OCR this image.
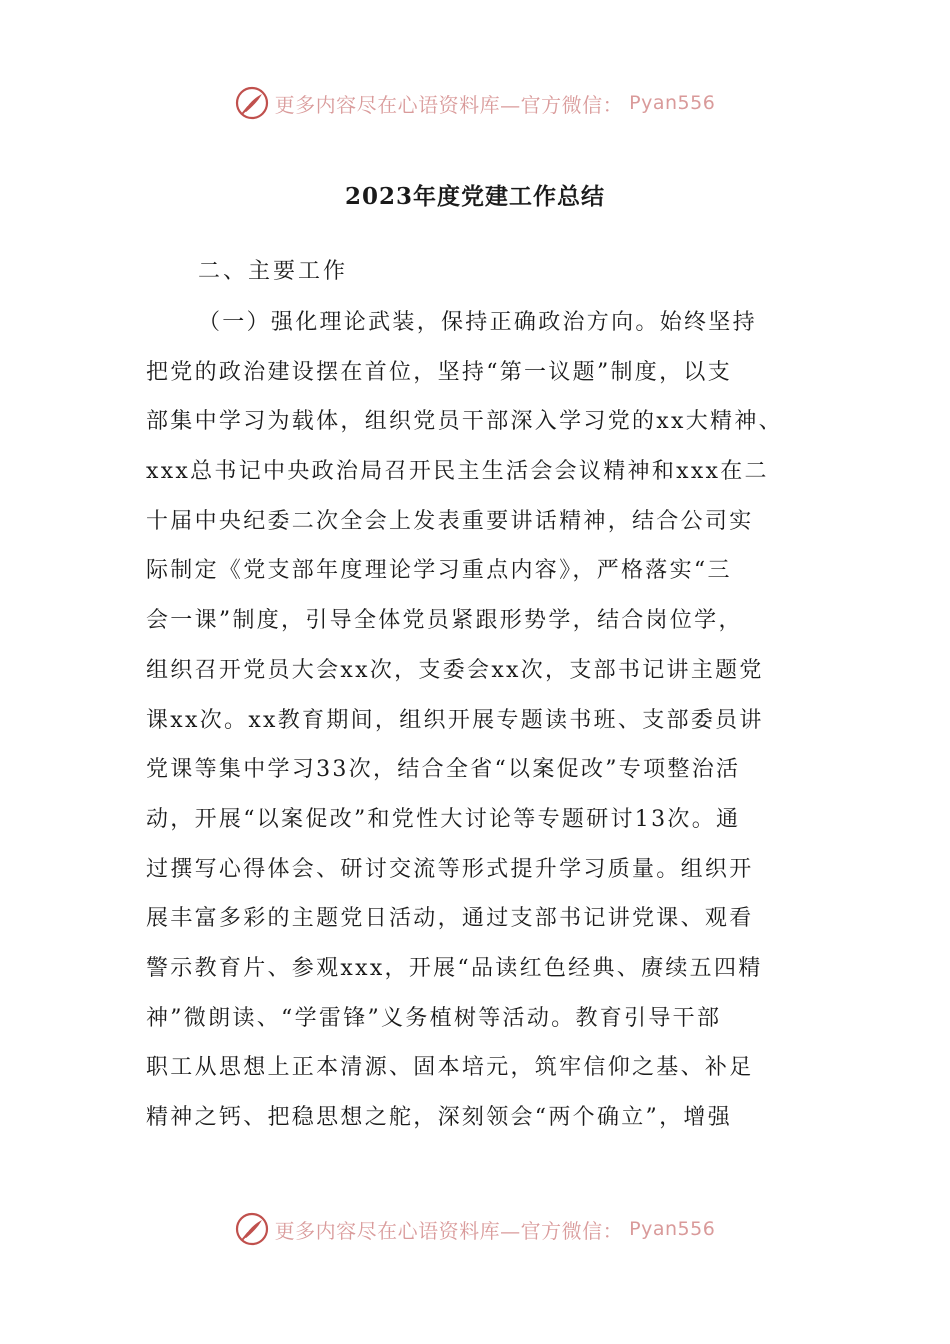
更多内容尽在心语资料库—官方微信： Pyan556
2023年度党建工作总结

二、主要工作

（一）强化理论武装，保持正确政治方向。始终坚持
把党的政治建设摆在首位，坚持“第一议题”制度，以支
部集中学习为载体，组织党员干部深入学习党的xx大精神、
xxx总书记中央政治局召开民主生活会会议精神和xxx在二
十届中央纪委二次全会上发表重要讲话精神，结合公司实
际制定《党支部年度理论学习重点内容》，严格落实“三
会一课”制度，引导全体党员紧跟形势学，结合岗位学，
组织召开党员大会xx次，支委会xx次，支部书记讲主题党
课xx次。xx教育期间，组织开展专题读书班、支部委员讲
党课等集中学习33次，结合全省“以案促改”专项整治活
动，开展“以案促改”和党性大讨论等专题研讨13次。通
过撰写心得体会、研讨交流等形式提升学习质量。组织开
展丰富多彩的主题党日活动，通过支部书记讲党课、观看
警示教育片、参观xxx，开展“品读红色经典、赓续五四精
神”微朗读、“学雷锋”义务植树等活动。教育引导干部
职工从思想上正本清源、固本培元，筑牢信仰之基、补足
精神之钙、把稳思想之舵，深刻领会“两个确立”，增强
更多内容尽在心语资料库—官方微信： Pyan556
